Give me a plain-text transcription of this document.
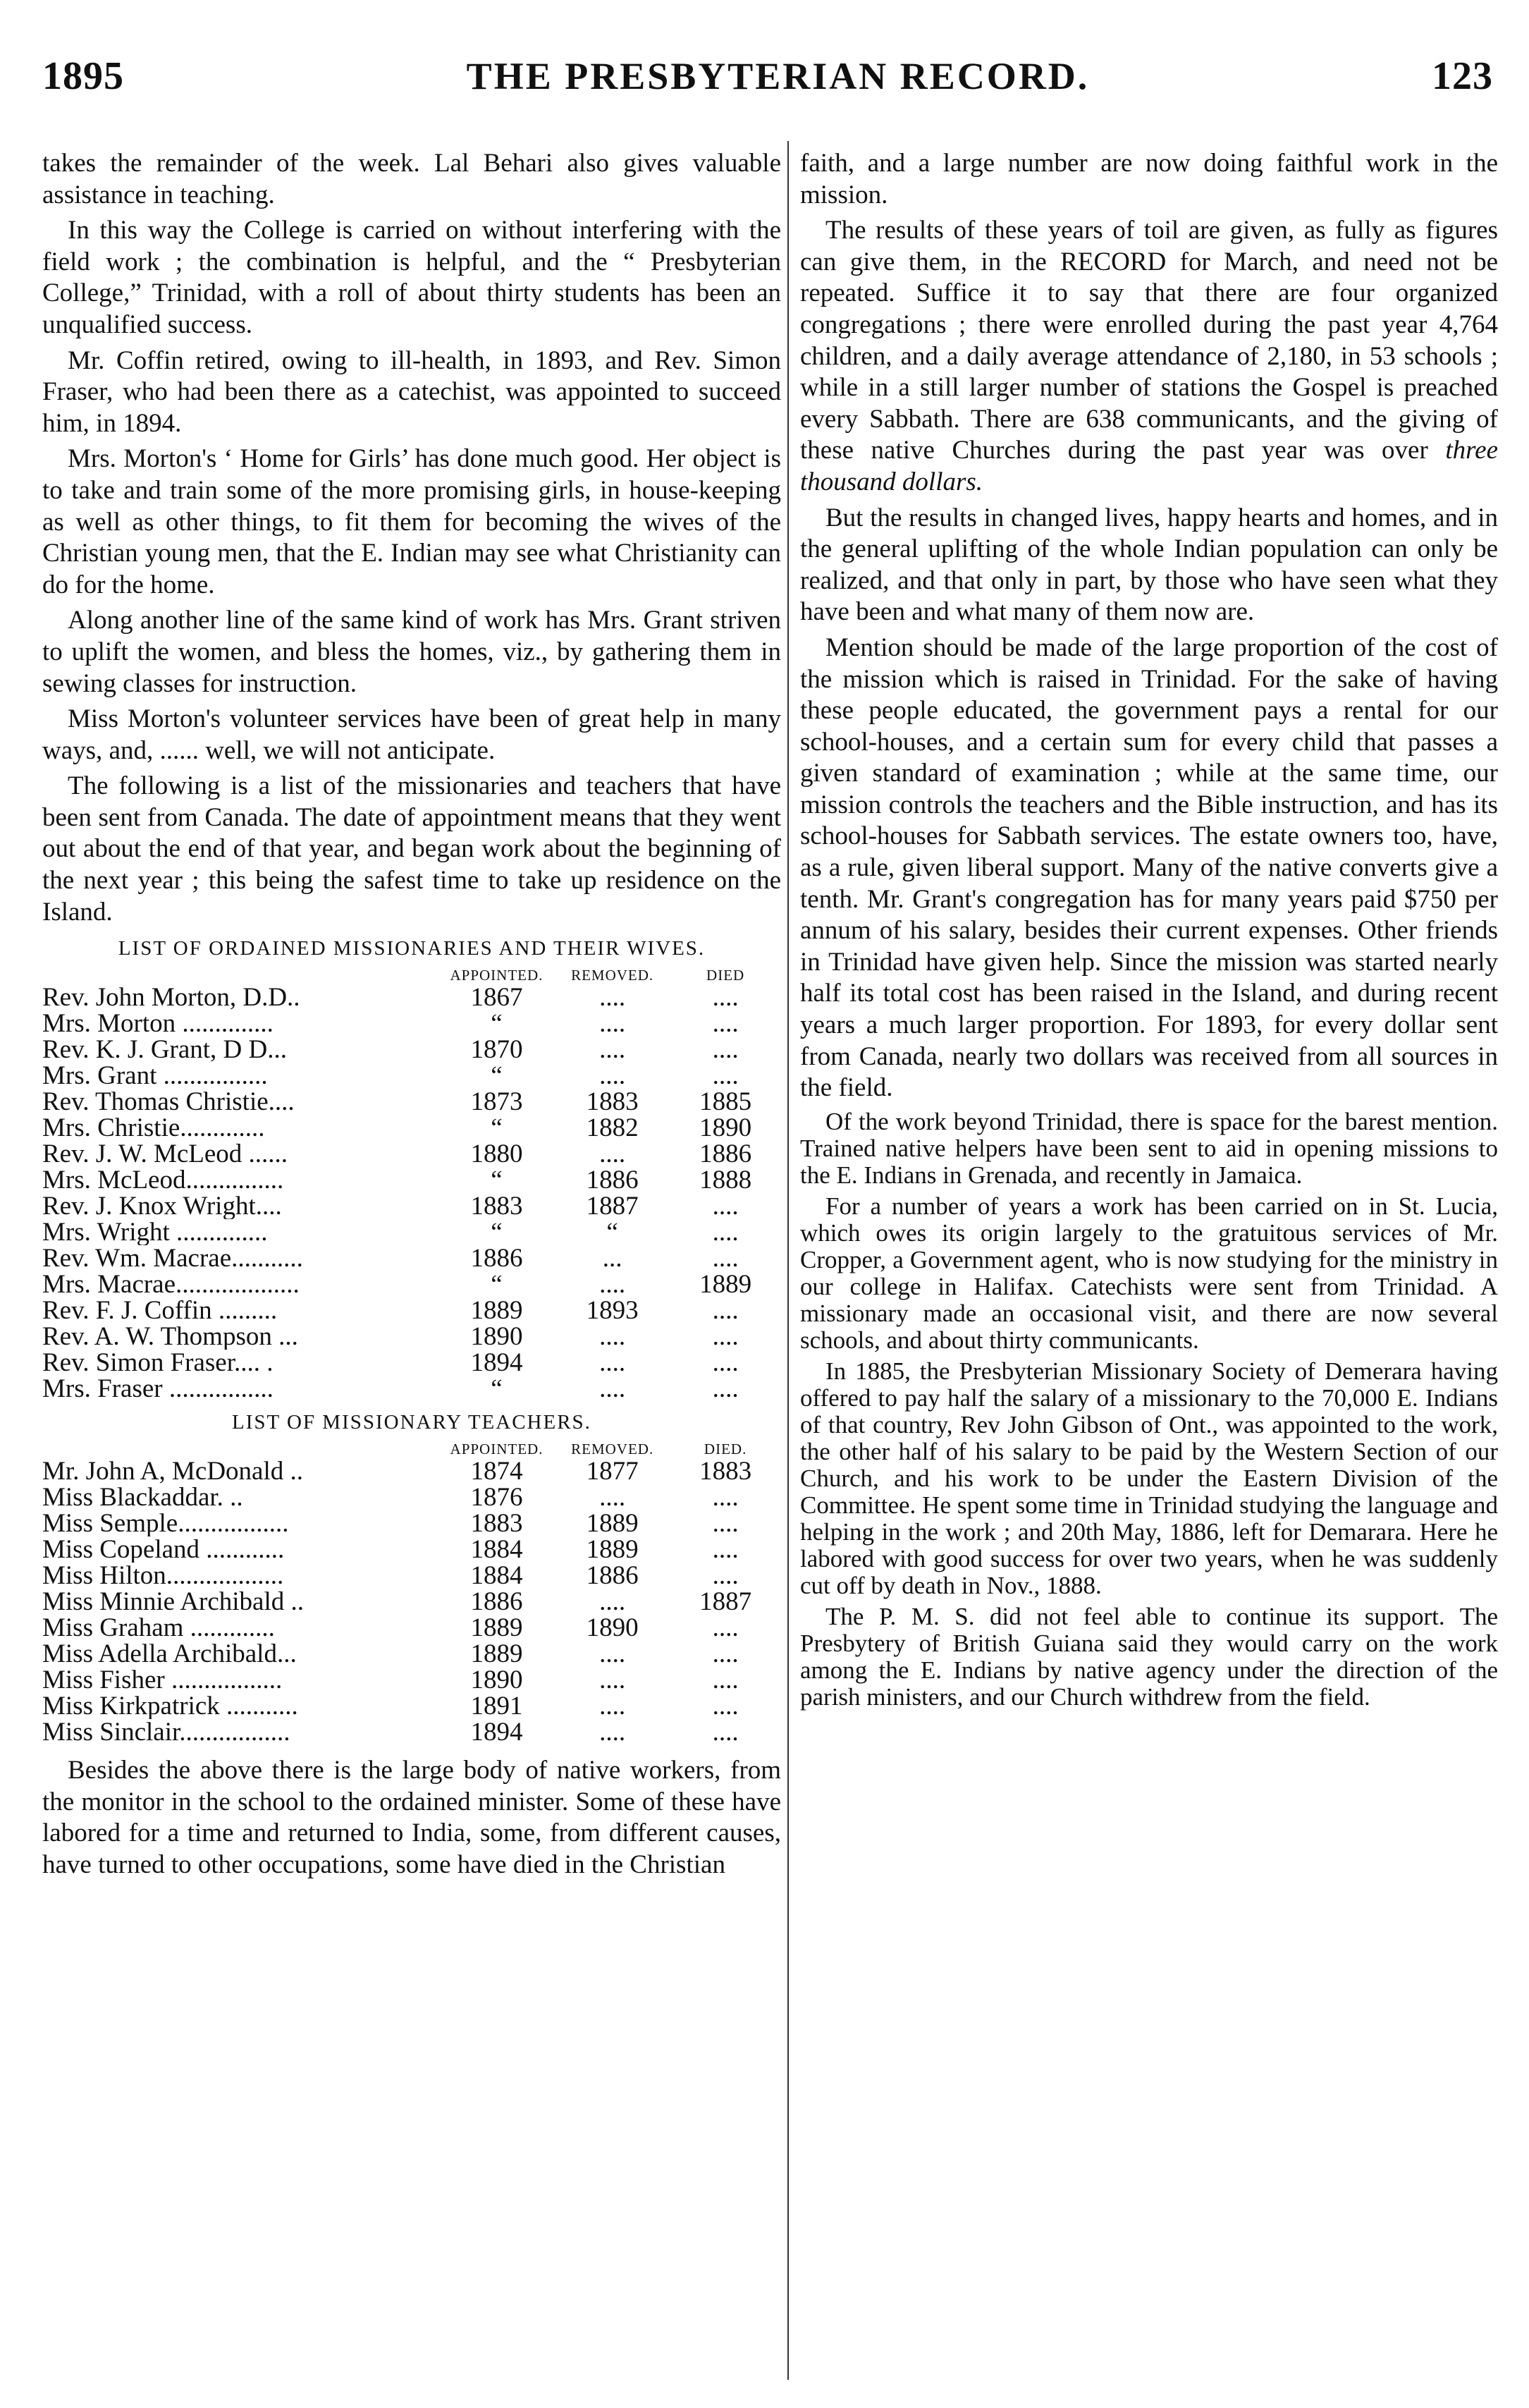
1895	THE PRESBYTERIAN RECORD.	123

takes the remainder of the week. Lal Behari also gives valuable assistance in teaching.

In this way the College is carried on without interfering with the field work ; the combination is helpful, and the “ Presbyterian College,” Trinidad, with a roll of about thirty students has been an unqualified success.

Mr. Coffin retired, owing to ill-health, in 1893, and Rev. Simon Fraser, who had been there as a catechist, was appointed to succeed him, in 1894.

Mrs. Morton's ‘ Home for Girls’ has done much good. Her object is to take and train some of the more promising girls, in house-keeping as well as other things, to fit them for becoming the wives of the Christian young men, that the E. Indian may see what Christianity can do for the home.

Along another line of the same kind of work has Mrs. Grant striven to uplift the women, and bless the homes, viz., by gathering them in sewing classes for instruction.

Miss Morton's volunteer services have been of great help in many ways, and, ...... well, we will not anticipate.

The following is a list of the missionaries and teachers that have been sent from Canada. The date of appointment means that they went out about the end of that year, and began work about the beginning of the next year ; this being the safest time to take up residence on the Island.

LIST OF ORDAINED MISSIONARIES AND THEIR WIVES.
	APPOINTED.	REMOVED.	DIED
Rev. John Morton, D.D..	1867	....	....
Mrs. Morton ..............	“	....	....
Rev. K. J. Grant, D D...	1870	....	....
Mrs. Grant ................	“	....	....
Rev. Thomas Christie....	1873	1883	1885
Mrs. Christie.............	“	1882	1890
Rev. J. W. McLeod ......	1880	....	1886
Mrs. McLeod...............	“	1886	1888
Rev. J. Knox Wright....	1883	1887	....
Mrs. Wright ..............	“	“	....
Rev. Wm. Macrae...........	1886	...	....
Mrs. Macrae...................	“	....	1889
Rev. F. J. Coffin .........	1889	1893	....
Rev. A. W. Thompson ...	1890	....	....
Rev. Simon Fraser.... .	1894	....	....
Mrs. Fraser ................	“	....	....
LIST OF MISSIONARY TEACHERS.
	APPOINTED.	REMOVED.	DIED.
Mr. John A, McDonald ..	1874	1877	1883
Miss Blackaddar. ..	1876	....	....
Miss Semple.................	1883	1889	....
Miss Copeland ............	1884	1889	....
Miss Hilton..................	1884	1886	....
Miss Minnie Archibald ..	1886	....	1887
Miss Graham .............	1889	1890	....
Miss Adella Archibald...	1889	....	....
Miss Fisher .................	1890	....	....
Miss Kirkpatrick ...........	1891	....	....
Miss Sinclair.................	1894	....	....

Besides the above there is the large body of native workers, from the monitor in the school to the ordained minister. Some of these have labored for a time and returned to India, some, from different causes, have turned to other occupations, some have died in the Christian

faith, and a large number are now doing faithful work in the mission.

The results of these years of toil are given, as fully as figures can give them, in the RECORD for March, and need not be repeated. Suffice it to say that there are four organized congregations ; there were enrolled during the past year 4,764 children, and a daily average attendance of 2,180, in 53 schools ; while in a still larger number of stations the Gospel is preached every Sabbath. There are 638 communicants, and the giving of these native Churches during the past year was over three thousand dollars.

But the results in changed lives, happy hearts and homes, and in the general uplifting of the whole Indian population can only be realized, and that only in part, by those who have seen what they have been and what many of them now are.

Mention should be made of the large proportion of the cost of the mission which is raised in Trinidad. For the sake of having these people educated, the government pays a rental for our school-houses, and a certain sum for every child that passes a given standard of examination ; while at the same time, our mission controls the teachers and the Bible instruction, and has its school-houses for Sabbath services. The estate owners too, have, as a rule, given liberal support. Many of the native converts give a tenth. Mr. Grant's congregation has for many years paid $750 per annum of his salary, besides their current expenses. Other friends in Trinidad have given help. Since the mission was started nearly half its total cost has been raised in the Island, and during recent years a much larger proportion. For 1893, for every dollar sent from Canada, nearly two dollars was received from all sources in the field.

Of the work beyond Trinidad, there is space for the barest mention. Trained native helpers have been sent to aid in opening missions to the E. Indians in Grenada, and recently in Jamaica.

For a number of years a work has been carried on in St. Lucia, which owes its origin largely to the gratuitous services of Mr. Cropper, a Government agent, who is now studying for the ministry in our college in Halifax. Catechists were sent from Trinidad. A missionary made an occasional visit, and there are now several schools, and about thirty communicants.

In 1885, the Presbyterian Missionary Society of Demerara having offered to pay half the salary of a missionary to the 70,000 E. Indians of that country, Rev John Gibson of Ont., was appointed to the work, the other half of his salary to be paid by the Western Section of our Church, and his work to be under the Eastern Division of the Committee. He spent some time in Trinidad studying the language and helping in the work ; and 20th May, 1886, left for Demarara. Here he labored with good success for over two years, when he was suddenly cut off by death in Nov., 1888.

The P. M. S. did not feel able to continue its support. The Presbytery of British Guiana said they would carry on the work among the E. Indians by native agency under the direction of the parish ministers, and our Church withdrew from the field.
